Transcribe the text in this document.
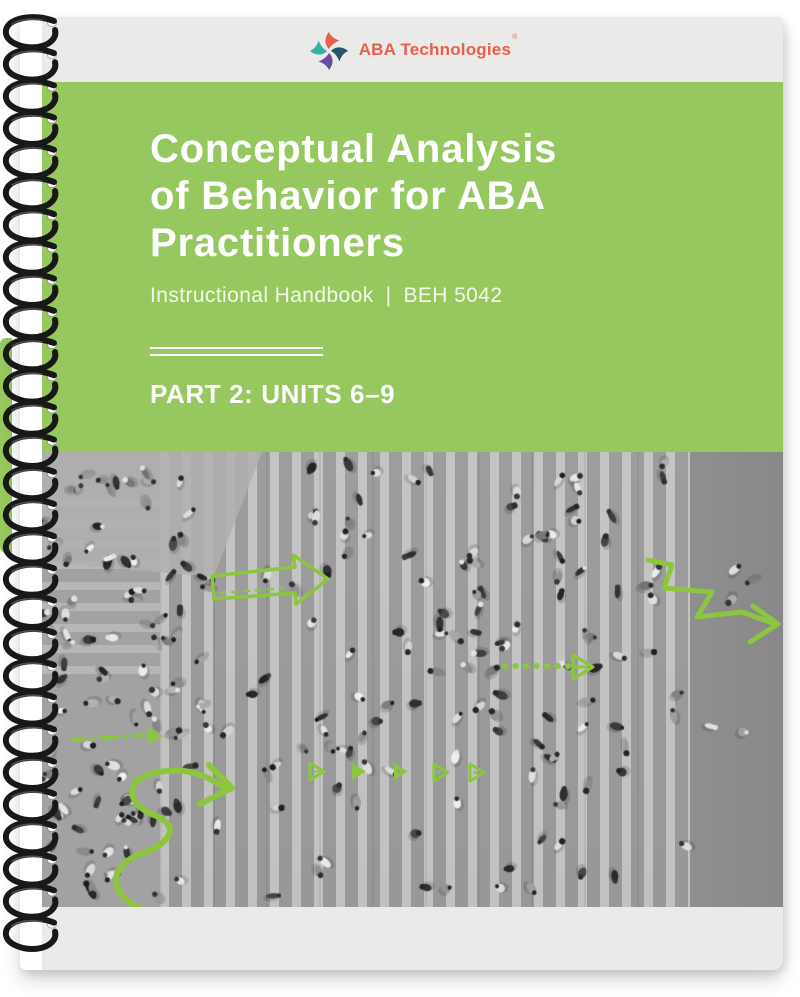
ABA Technologies®
Conceptual Analysis
of Behavior for ABA
Practitioners
Instructional Handbook | BEH 5042
PART 2: UNITS 6–9
